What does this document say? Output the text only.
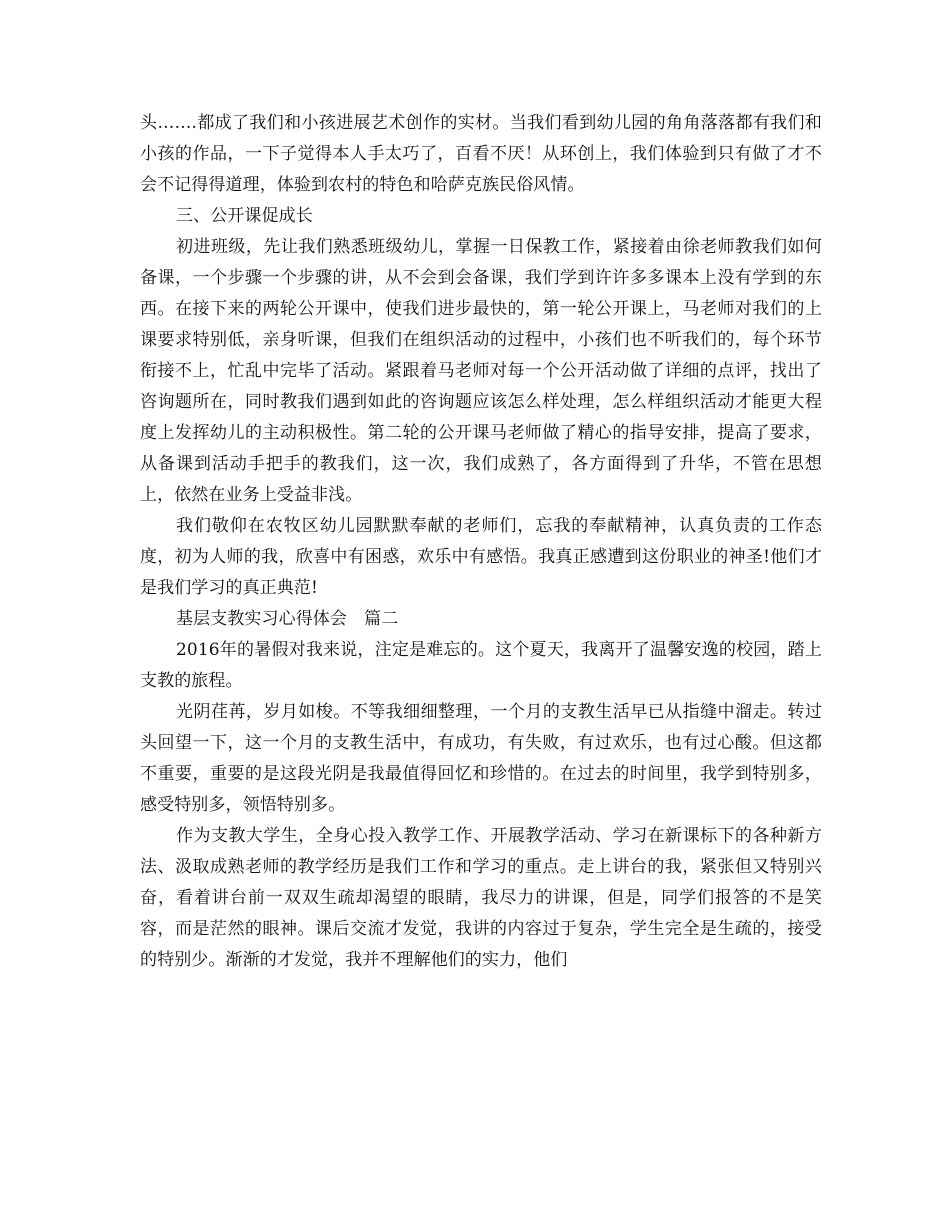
头…….都成了我们和小孩进展艺术创作的实材。当我们看到幼儿园的角角落落都有我们和小孩的作品，一下子觉得本人手太巧了，百看不厌！从环创上，我们体验到只有做了才不会不记得得道理，体验到农村的特色和哈萨克族民俗风情。

三、公开课促成长

初进班级，先让我们熟悉班级幼儿，掌握一日保教工作，紧接着由徐老师教我们如何备课，一个步骤一个步骤的讲，从不会到会备课，我们学到许许多多课本上没有学到的东西。在接下来的两轮公开课中，使我们进步最快的，第一轮公开课上，马老师对我们的上课要求特别低，亲身听课，但我们在组织活动的过程中，小孩们也不听我们的，每个环节衔接不上，忙乱中完毕了活动。紧跟着马老师对每一个公开活动做了详细的点评，找出了咨询题所在，同时教我们遇到如此的咨询题应该怎么样处理，怎么样组织活动才能更大程度上发挥幼儿的主动积极性。第二轮的公开课马老师做了精心的指导安排，提高了要求，从备课到活动手把手的教我们，这一次，我们成熟了，各方面得到了升华，不管在思想上，依然在业务上受益非浅。

我们敬仰在农牧区幼儿园默默奉献的老师们，忘我的奉献精神，认真负责的工作态度，初为人师的我，欣喜中有困惑，欢乐中有感悟。我真正感遭到这份职业的神圣!他们才是我们学习的真正典范!

基层支教实习心得体会　篇二

2016年的暑假对我来说，注定是难忘的。这个夏天，我离开了温馨安逸的校园，踏上支教的旅程。

光阴荏苒，岁月如梭。不等我细细整理，一个月的支教生活早已从指缝中溜走。转过头回望一下，这一个月的支教生活中，有成功，有失败，有过欢乐，也有过心酸。但这都不重要，重要的是这段光阴是我最值得回忆和珍惜的。在过去的时间里，我学到特别多，感受特别多，领悟特别多。

作为支教大学生，全身心投入教学工作、开展教学活动、学习在新课标下的各种新方法、汲取成熟老师的教学经历是我们工作和学习的重点。走上讲台的我，紧张但又特别兴奋，看着讲台前一双双生疏却渴望的眼睛，我尽力的讲课，但是，同学们报答的不是笑容，而是茫然的眼神。课后交流才发觉，我讲的内容过于复杂，学生完全是生疏的，接受的特别少。渐渐的才发觉，我并不理解他们的实力，他们
